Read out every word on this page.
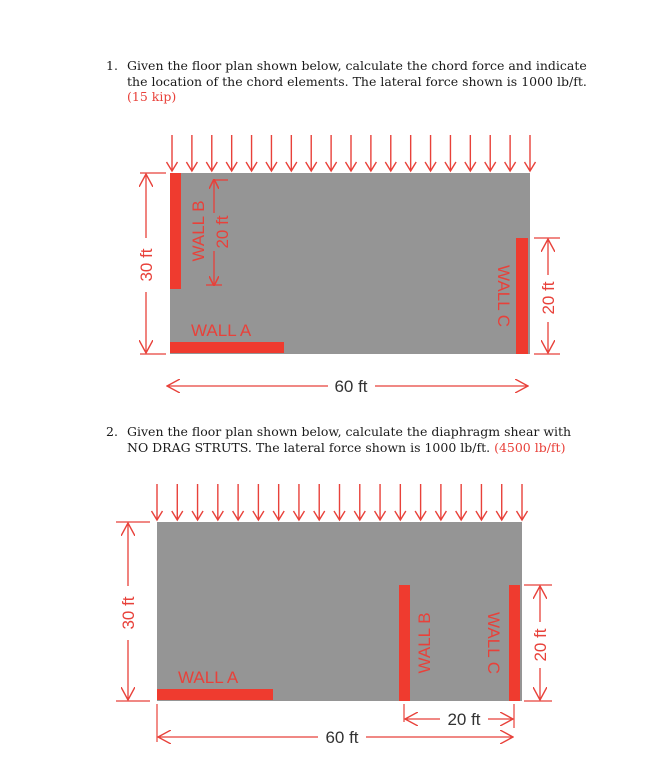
1. Given the floor plan shown below, calculate the chord force and indicate the location of the chord elements. The lateral force shown is 1000 lb/ft. (15 kip)
2. Given the floor plan shown below, calculate the diaphragm shear with NO DRAG STRUTS. The lateral force shown is 1000 lb/ft. (4500 lb/ft)
WALL A
WALL B
WALL C
20 ft
30 ft
20 ft
60 ft
WALL A
WALL B	WALL C
30 ft
20 ft
20 ft
60 ft
